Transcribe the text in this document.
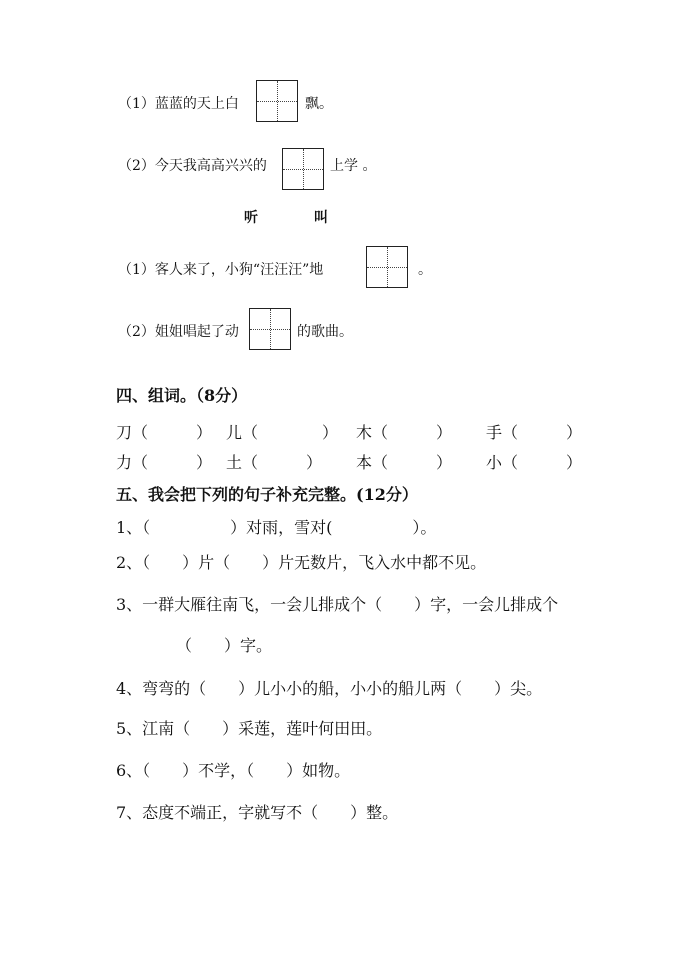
（1）蓝蓝的天上白	飘。
（2）今天我高高兴兴的	上学 。
听	叫
（1）客人来了，小狗“汪汪汪”地	。
（2）姐姐唱起了动	的歌曲。
四、组词。（8分）
刀（　　　） 儿（　　　　） 木（　　　） 手（　　　）
力（　　　） 土（　　　） 本（　　　） 小（　　　）
五、我会把下列的句子补充完整。(12分）
1、（　　　　　）对雨，雪对(　　　　　）。
2、（　　）片（　　）片无数片，飞入水中都不见。
3、一群大雁往南飞，一会儿排成个（　　）字，一会儿排成个
（　　）字。
4、弯弯的（　　）儿小小的船，小小的船儿两（　　）尖。
5、江南（　　）采莲，莲叶何田田。
6、（　　）不学，（　　）如物。
7、态度不端正，字就写不（　　）整。
